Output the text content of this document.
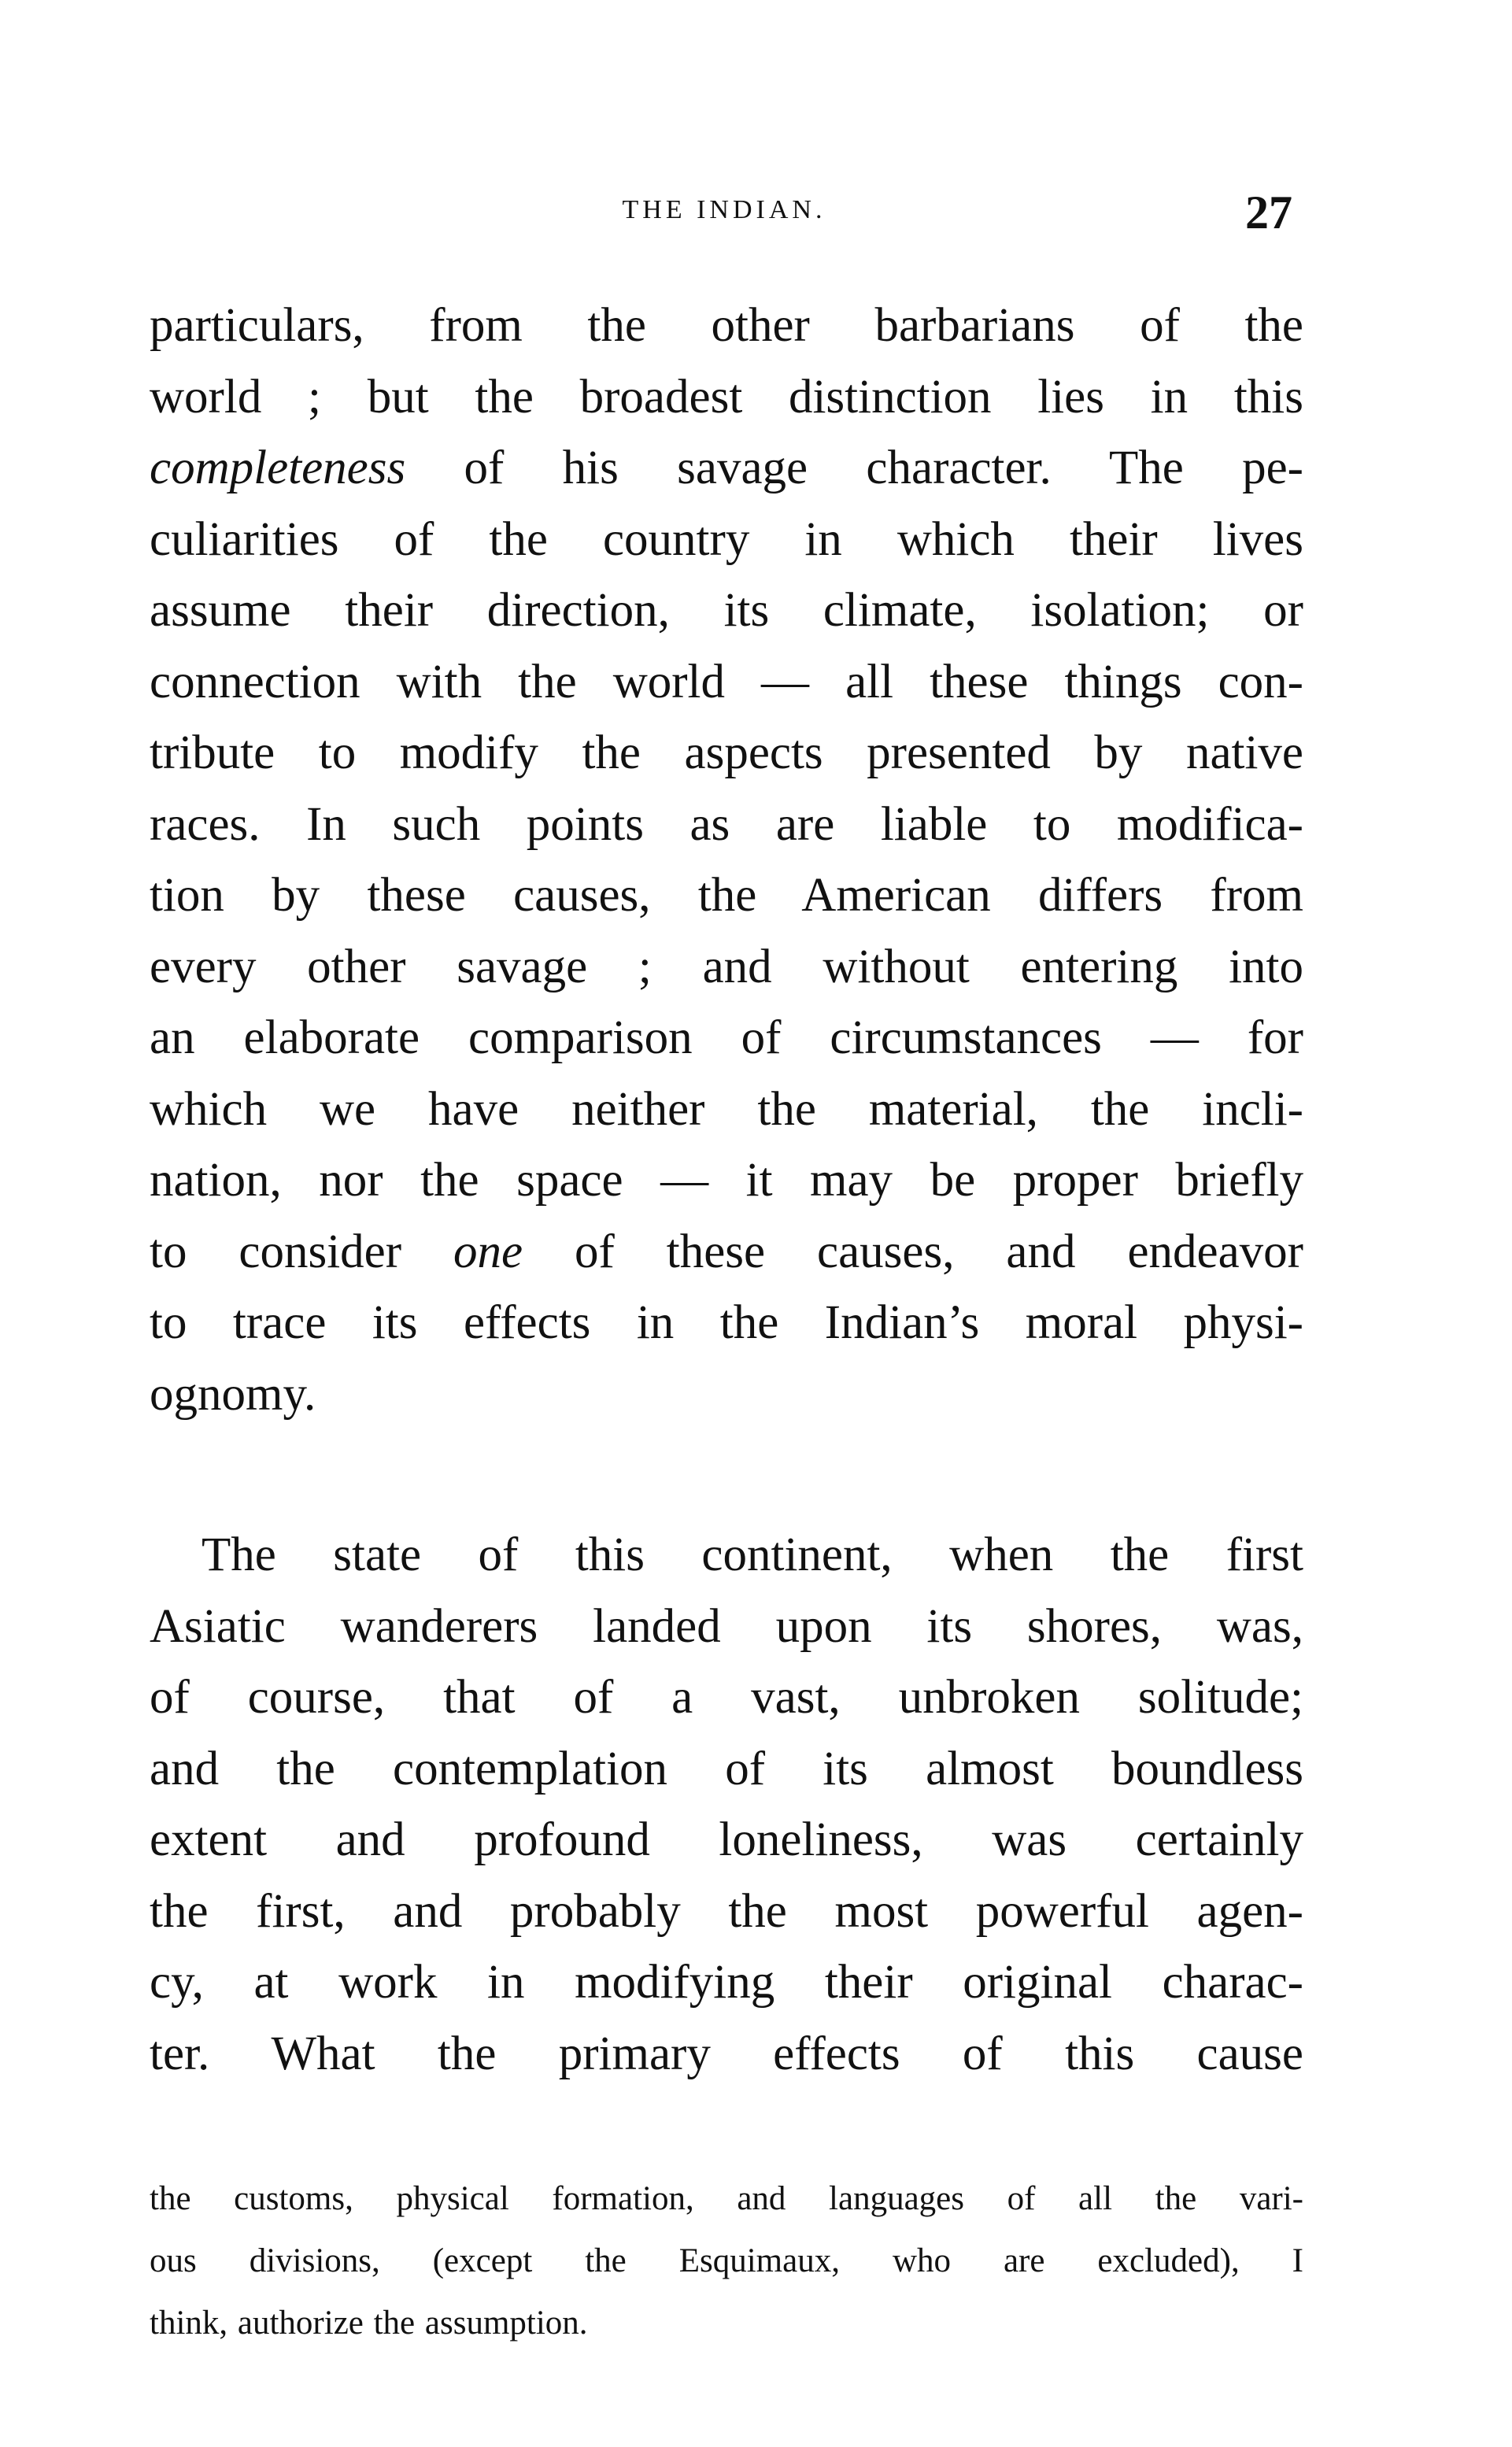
THE INDIAN.	27
particulars, from the other barbarians of the
world ; but the broadest distinction lies in this
completeness of his savage character. The pe-
culiarities of the country in which their lives
assume their direction, its climate, isolation; or
connection with the world — all these things con-
tribute to modify the aspects presented by native
races. In such points as are liable to modifica-
tion by these causes, the American differs from
every other savage ; and without entering into
an elaborate comparison of circumstances — for
which we have neither the material, the incli-
nation, nor the space — it may be proper briefly
to consider one of these causes, and endeavor
to trace its effects in the Indian’s moral physi-
ognomy.
The state of this continent, when the first
Asiatic wanderers landed upon its shores, was,
of course, that of a vast, unbroken solitude;
and the contemplation of its almost boundless
extent and profound loneliness, was certainly
the first, and probably the most powerful agen-
cy, at work in modifying their original charac-
ter. What the primary effects of this cause
the customs, physical formation, and languages of all the vari-
ous divisions, (except the Esquimaux, who are excluded), I
think, authorize the assumption.
